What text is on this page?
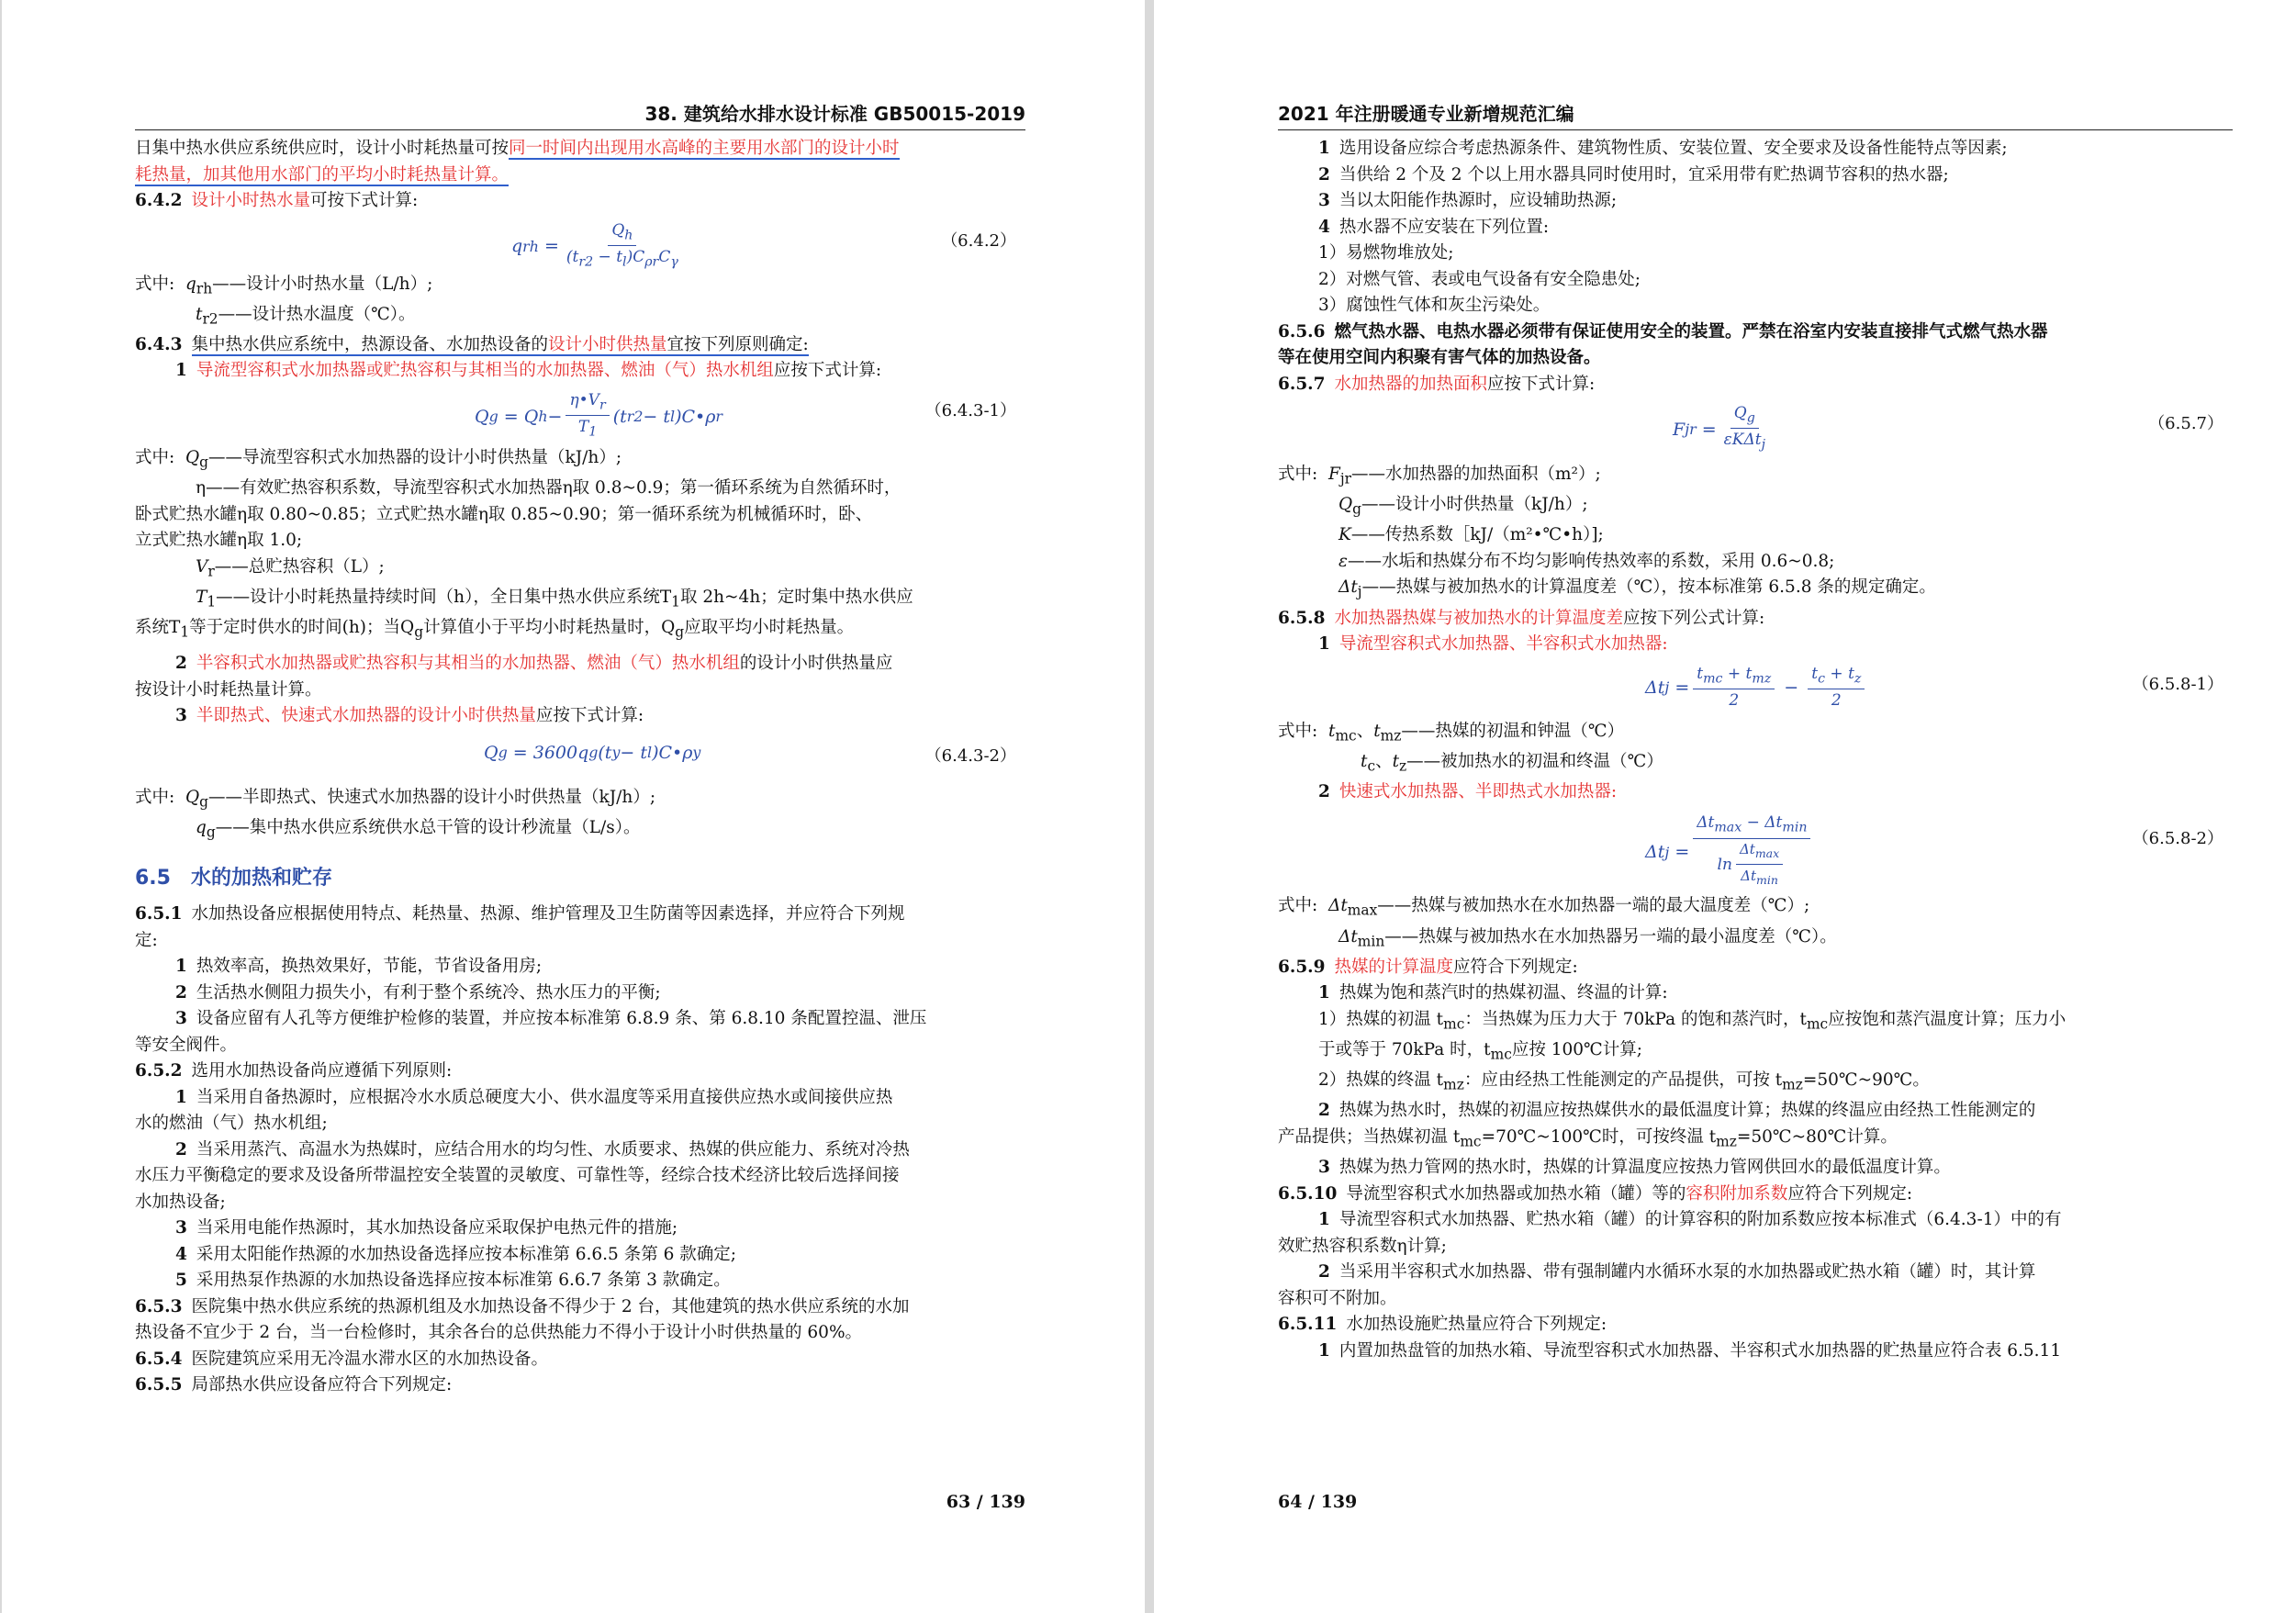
38. 建筑给水排水设计标准 GB50015-2019

日集中热水供应系统供应时，设计小时耗热量可按同一时间内出现用水高峰的主要用水部门的设计小时

耗热量，加其他用水部门的平均小时耗热量计算。

6.4.2 设计小时热水量可按下式计算:

q rh = $\frac{Q_h}{(t_{r2} - t_l)C_{\rho r}C_\gamma}$	（6.4.2）

式中: $q_{rh}——$设计小时热水量（L/h）;

$t_{r2}——$设计热水温度（℃）。

6.4.3 集中热水供应系统中，热源设备、水加热设备的设计小时供热量宜按下列原则确定:

1 导流型容积式水加热器或贮热容积与其相当的水加热器、燃油（气）热水机组应按下式计算:

Q g
= Q $h - \frac{\eta•V_r}{T_1} (t$ r2 − t l )C•ρ r	（6.4.3-1）

式中: $Q_g——$导流型容积式水加热器的设计小时供热量（kJ/h）;

η——有效贮热容积系数，导流型容积式水加热器η取 0.8~0.9；第一循环系统为自然循环时，

卧式贮热水罐η取 0.80~0.85；立式贮热水罐η取 0.85~0.90；第一循环系统为机械循环时，卧、

立式贮热水罐η取 1.0;

$V_r——$总贮热容积（L）;

$T_1——$设计小时耗热量持续时间（h），全日集中热水供应系统$T_1$取 2h~4h；定时集中热水供应

系统$T_1$等于定时供水的时间(h)；当$Q_g$计算值小于平均小时耗热量时，$Q_g$应取平均小时耗热量。

2 半容积式水加热器或贮热容积与其相当的水加热器、燃油（气）热水机组的设计小时供热量应

按设计小时耗热量计算。

3 半即热式、快速式水加热器的设计小时供热量应按下式计算:

Q g
= 3600q g (t y − t l )C•ρ y	（6.4.3-2）

式中: $Q_g——$半即热式、快速式水加热器的设计小时供热量（kJ/h）;

$q_g——$集中热水供应系统供水总干管的设计秒流量（L/s）。

6.5　水的加热和贮存

6.5.1 水加热设备应根据使用特点、耗热量、热源、维护管理及卫生防菌等因素选择，并应符合下列规

定:

1 热效率高，换热效果好，节能，节省设备用房;

2 生活热水侧阻力损失小，有利于整个系统冷、热水压力的平衡;

3 设备应留有人孔等方便维护检修的装置，并应按本标准第 6.8.9 条、第 6.8.10 条配置控温、泄压

等安全阀件。

6.5.2 选用水加热设备尚应遵循下列原则:

1 当采用自备热源时，应根据冷水水质总硬度大小、供水温度等采用直接供应热水或间接供应热

水的燃油（气）热水机组;

2 当采用蒸汽、高温水为热媒时，应结合用水的均匀性、水质要求、热媒的供应能力、系统对冷热

水压力平衡稳定的要求及设备所带温控安全装置的灵敏度、可靠性等，经综合技术经济比较后选择间接

水加热设备;

3 当采用电能作热源时，其水加热设备应采取保护电热元件的措施;

4 采用太阳能作热源的水加热设备选择应按本标准第 6.6.5 条第 6 款确定;

5 采用热泵作热源的水加热设备选择应按本标准第 6.6.7 条第 3 款确定。

6.5.3 医院集中热水供应系统的热源机组及水加热设备不得少于 2 台，其他建筑的热水供应系统的水加

热设备不宜少于 2 台，当一台检修时，其余各台的总供热能力不得小于设计小时供热量的 60%。

6.5.4 医院建筑应采用无冷温水滞水区的水加热设备。

6.5.5 局部热水供应设备应符合下列规定:

63 / 139
2021 年注册暖通专业新增规范汇编

1 选用设备应综合考虑热源条件、建筑物性质、安装位置、安全要求及设备性能特点等因素;

2 当供给 2 个及 2 个以上用水器具同时使用时，宜采用带有贮热调节容积的热水器;

3 当以太阳能作热源时，应设辅助热源;

4 热水器不应安装在下列位置:

1）易燃物堆放处;

2）对燃气管、表或电气设备有安全隐患处;

3）腐蚀性气体和灰尘污染处。

6.5.6 燃气热水器、电热水器必须带有保证使用安全的装置。严禁在浴室内安装直接排气式燃气热水器

等在使用空间内积聚有害气体的加热设备。

6.5.7 水加热器的加热面积应按下式计算:

F jr = $\frac{Q_g}{\varepsilon K\Delta t_j}$	（6.5.7）

式中: $F_{jr}——$水加热器的加热面积（m²）;

$Q_g——$设计小时供热量（kJ/h）;

K——传热系数［kJ/（m²•℃•h）];

ε——水垢和热媒分布不均匀影响传热效率的系数，采用 0.6~0.8;

$\Delta t_j——$热媒与被加热水的计算温度差（℃），按本标准第 6.5.8 条的规定确定。

6.5.8 水加热器热媒与被加热水的计算温度差应按下列公式计算:

1 导流型容积式水加热器、半容积式水加热器:

Δt $j = \frac{t_{mc} + t_{mz}}{2} - \frac{t_c + t_z}{2}$	（6.5.8-1）

式中: $t_{mc}$、$t_{mz}——$热媒的初温和钟温（℃）

$t_c$、$t_z——$被加热水的初温和终温（℃）

2 快速式水加热器、半即热式水加热器:

Δt $j = \frac{\Delta t_{max} - \Delta t_{min}}{\ln \frac{\Delta t_{max}}{\Delta t_{min}}}$	（6.5.8-2）

式中: $\Delta t_{max}——$热媒与被加热水在水加热器一端的最大温度差（℃）;

$\Delta t_{min}——$热媒与被加热水在水加热器另一端的最小温度差（℃）。

6.5.9 热媒的计算温度应符合下列规定:

1 热媒为饱和蒸汽时的热媒初温、终温的计算:

1）热媒的初温 $t_{mc}$：当热媒为压力大于 70kPa 的饱和蒸汽时，$t_{mc}$应按饱和蒸汽温度计算；压力小

于或等于 70kPa 时，$t_{mc}$应按 100℃计算;

2）热媒的终温 $t_{mz}$：应由经热工性能测定的产品提供，可按 $t_{mz}=50℃\sim 90℃$。

2 热媒为热水时，热媒的初温应按热媒供水的最低温度计算；热媒的终温应由经热工性能测定的

产品提供；当热媒初温 $t_{mc}=70℃\sim 100℃$时，可按终温 $t_{mz}=50℃\sim 80℃$计算。

3 热媒为热力管网的热水时，热媒的计算温度应按热力管网供回水的最低温度计算。

6.5.10 导流型容积式水加热器或加热水箱（罐）等的容积附加系数应符合下列规定:

1 导流型容积式水加热器、贮热水箱（罐）的计算容积的附加系数应按本标准式（6.4.3-1）中的有

效贮热容积系数η计算;

2 当采用半容积式水加热器、带有强制罐内水循环水泵的水加热器或贮热水箱（罐）时，其计算

容积可不附加。

6.5.11 水加热设施贮热量应符合下列规定:

1 内置加热盘管的加热水箱、导流型容积式水加热器、半容积式水加热器的贮热量应符合表 6.5.11

64 / 139
